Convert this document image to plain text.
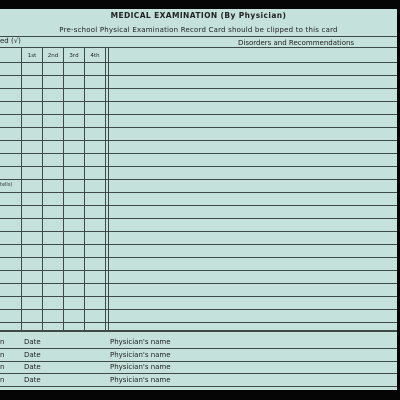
MEDICAL EXAMINATION (By Physician)
Pre-school Physical Examination Record Card should be clipped to this card
ed (√)	Disorders and Recommendations
1st	2nd	3rd	4th
tells)
n	Date	Physician's name
n	Date	Physician's name
n	Date	Physician's name
n	Date	Physician's name
